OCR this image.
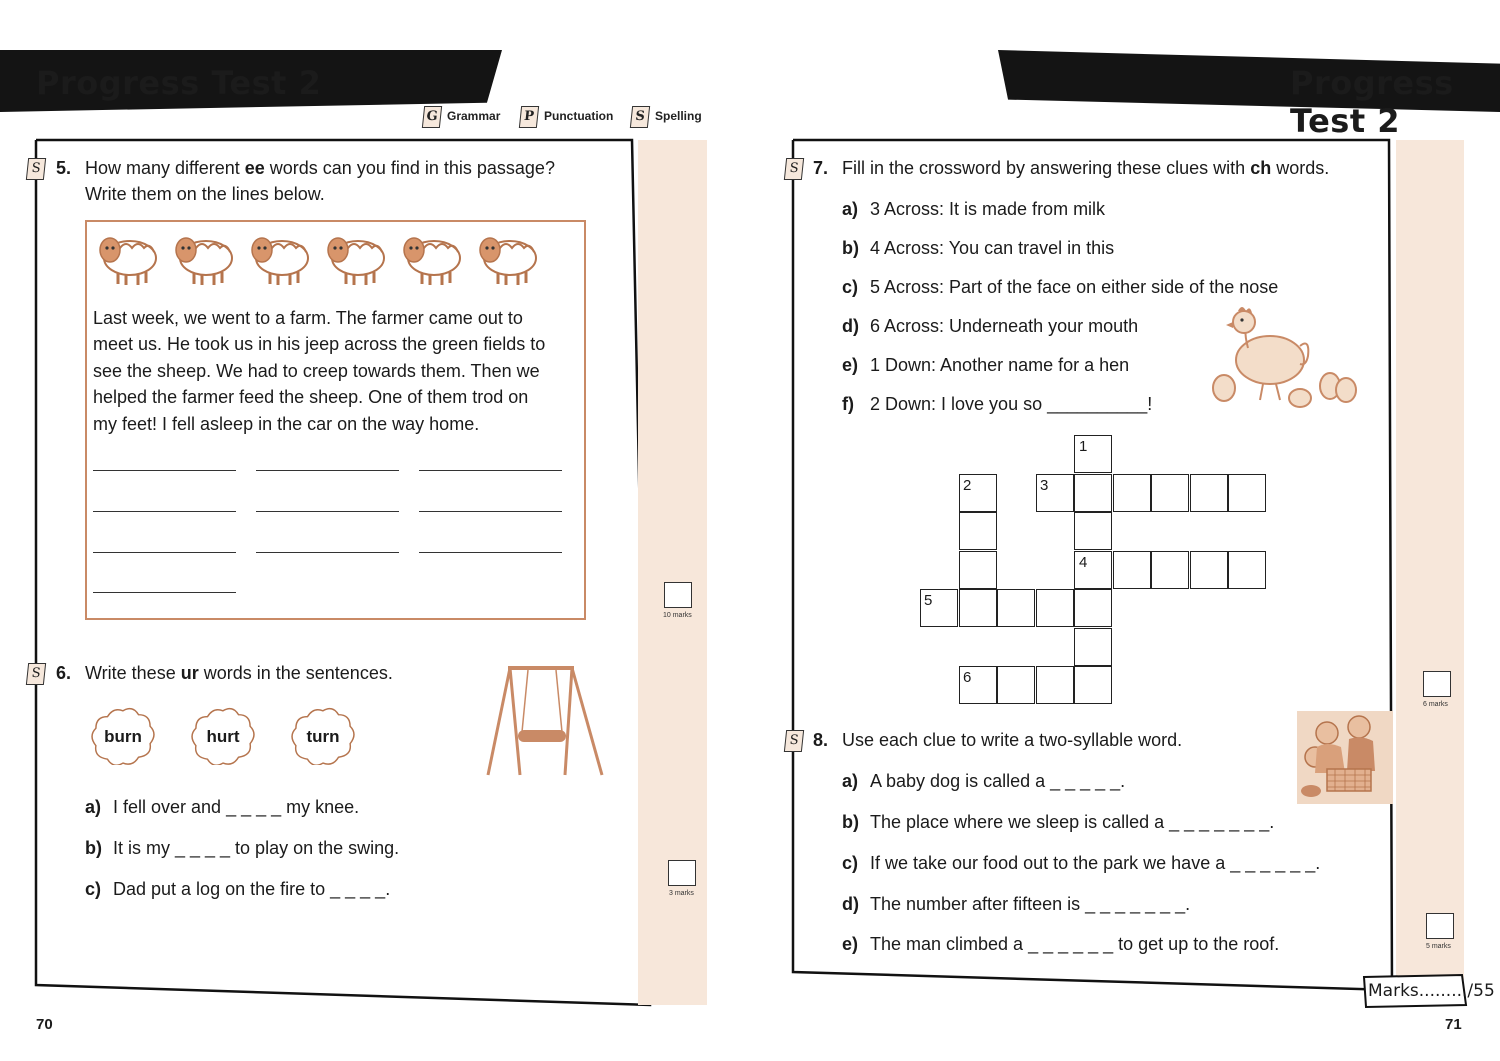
Progress Test 2
G Grammar P Punctuation S Spelling
S 5. How many different ee words can you find in this passage?
Write them on the lines below.
Last week, we went to a farm. The farmer came out to
meet us. He took us in his jeep across the green fields to
see the sheep. We had to creep towards them. Then we
helped the farmer feed the sheep. One of them trod on
my feet! I fell asleep in the car on the way home.
10 marks
S 6. Write these ur words in the sentences.
burn	hurt	turn
a) I fell over and _ _ _ _ my knee.
b) It is my _ _ _ _ to play on the swing.
c) Dad put a log on the fire to _ _ _ _.	3 marks
70
Progress Test 2
S 7. Fill in the crossword by answering these clues with ch words.
a) 3 Across: It is made from milk
b) 4 Across: You can travel in this
c) 5 Across: Part of the face on either side of the nose
d) 6 Across: Underneath your mouth
e) 1 Down: Another name for a hen
f) 2 Down: I love you so __________!
1
2	3
4
5
6
6 marks
S 8. Use each clue to write a two-syllable word.
a) A baby dog is called a _ _ _ _ _.
b) The place where we sleep is called a _ _ _ _ _ _ _.
c) If we take our food out to the park we have a _ _ _ _ _ _.
d) The number after fifteen is _ _ _ _ _ _ _.
e) The man climbed a _ _ _ _ _ _ to get up to the roof.	5 marks
Marks........./55
71
